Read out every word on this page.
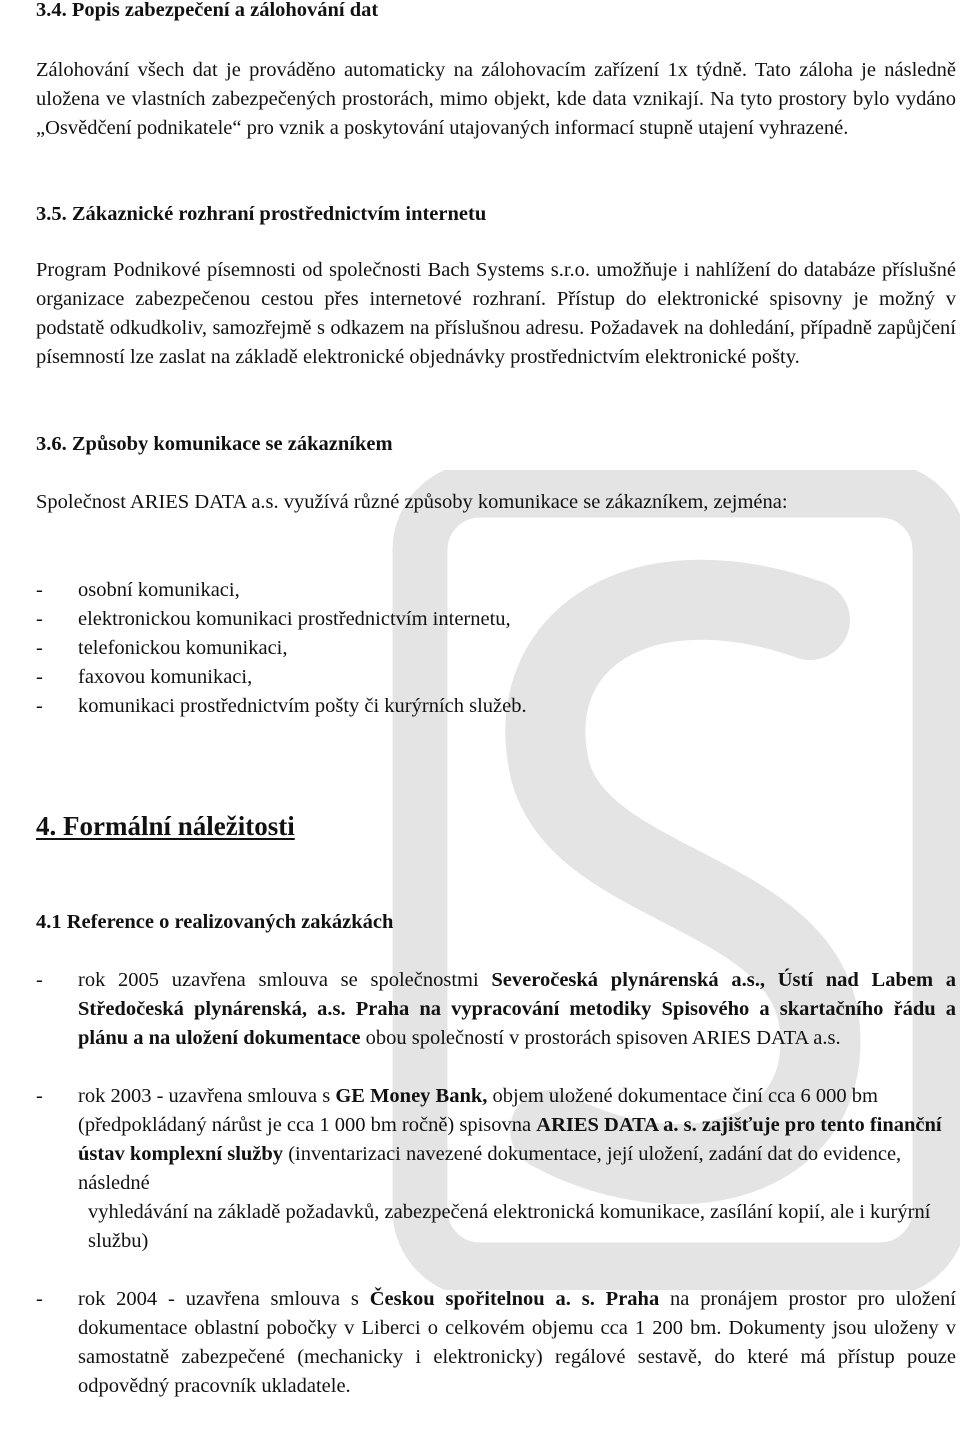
3.4. Popis zabezpečení a zálohování dat

Zálohování všech dat je prováděno automaticky na zálohovacím zařízení 1x týdně. Tato záloha je následně uložena ve vlastních zabezpečených prostorách, mimo objekt, kde data vznikají. Na tyto prostory bylo vydáno „Osvědčení podnikatele“ pro vznik a poskytování utajovaných informací stupně utajení vyhrazené.

3.5. Zákaznické rozhraní prostřednictvím internetu

Program Podnikové písemnosti od společnosti Bach Systems s.r.o. umožňuje i nahlížení do databáze příslušné organizace zabezpečenou cestou přes internetové rozhraní. Přístup do elektronické spisovny je možný v podstatě odkudkoliv, samozřejmě s odkazem na příslušnou adresu. Požadavek na dohledání, případně zapůjčení písemností lze zaslat na základě elektronické objednávky prostřednictvím elektronické pošty.

3.6. Způsoby komunikace se zákazníkem

Společnost ARIES DATA a.s. využívá různé způsoby komunikace se zákazníkem, zejména:

-	osobní komunikaci,
-	elektronickou komunikaci prostřednictvím internetu,
-	telefonickou komunikaci,
-	faxovou komunikaci,
-	komunikaci prostřednictvím pošty či kurýrních služeb.
4. Formální náležitosti
4.1 Reference o realizovaných zakázkách
-	rok 2005 uzavřena smlouva se společnostmi Severočeská plynárenská a.s., Ústí nad Labem a Středočeská plynárenská, a.s. Praha na vypracování metodiky Spisového a skartačního řádu a plánu a na uložení dokumentace obou společností v prostorách spisoven ARIES DATA a.s.
-	rok 2003 - uzavřena smlouva s GE Money Bank, objem uložené dokumentace činí cca 6 000 bm (předpokládaný nárůst je cca 1 000 bm ročně) spisovna ARIES DATA a. s. zajišťuje pro tento finanční ústav komplexní služby (inventarizaci navezené dokumentace, její uložení, zadání dat do evidence, následné
vyhledávání na základě požadavků, zabezpečená elektronická komunikace, zasílání kopií, ale i kurýrní službu)
-	rok 2004 - uzavřena smlouva s Českou spořitelnou a. s. Praha na pronájem prostor pro uložení dokumentace oblastní pobočky v Liberci o celkovém objemu cca 1 200 bm. Dokumenty jsou uloženy v samostatně zabezpečené (mechanicky i elektronicky) regálové sestavě, do které má přístup pouze odpovědný pracovník ukladatele.
